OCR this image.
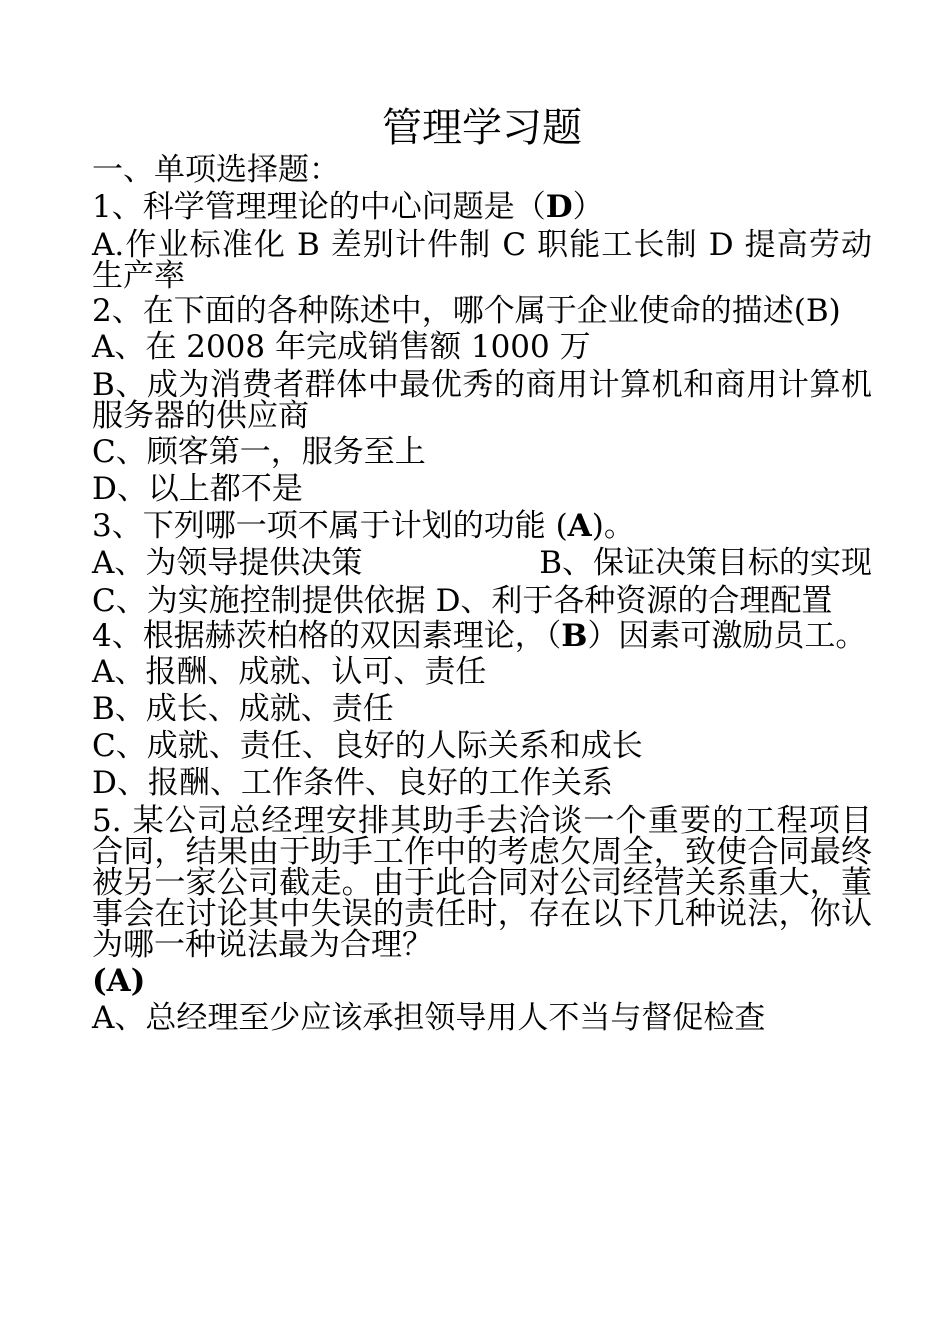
管理学习题
一、单项选择题：
1、科学管理理论的中心问题是（D）
A.作业标准化 B 差别计件制 C 职能工长制 D 提高劳动生产率
2、在下面的各种陈述中，哪个属于企业使命的描述(B)
A、在 2008 年完成销售额 1000 万
B、成为消费者群体中最优秀的商用计算机和商用计算机服务器的供应商
C、顾客第一，服务至上
D、以上都不是
3、下列哪一项不属于计划的功能 (A)。
A、为领导提供决策	B、保证决策目标的实现
C、为实施控制提供依据 D、利于各种资源的合理配置
4、根据赫茨柏格的双因素理论，（B）因素可激励员工。
A、报酬、成就、认可、责任
B、成长、成就、责任
C、成就、责任、良好的人际关系和成长
D、报酬、工作条件、良好的工作关系
5. 某公司总经理安排其助手去洽谈一个重要的工程项目合同，结果由于助手工作中的考虑欠周全，致使合同最终被另一家公司截走。由于此合同对公司经营关系重大，董事会在讨论其中失误的责任时，存在以下几种说法，你认为哪一种说法最为合理？
(A)
A、总经理至少应该承担领导用人不当与督促检查
